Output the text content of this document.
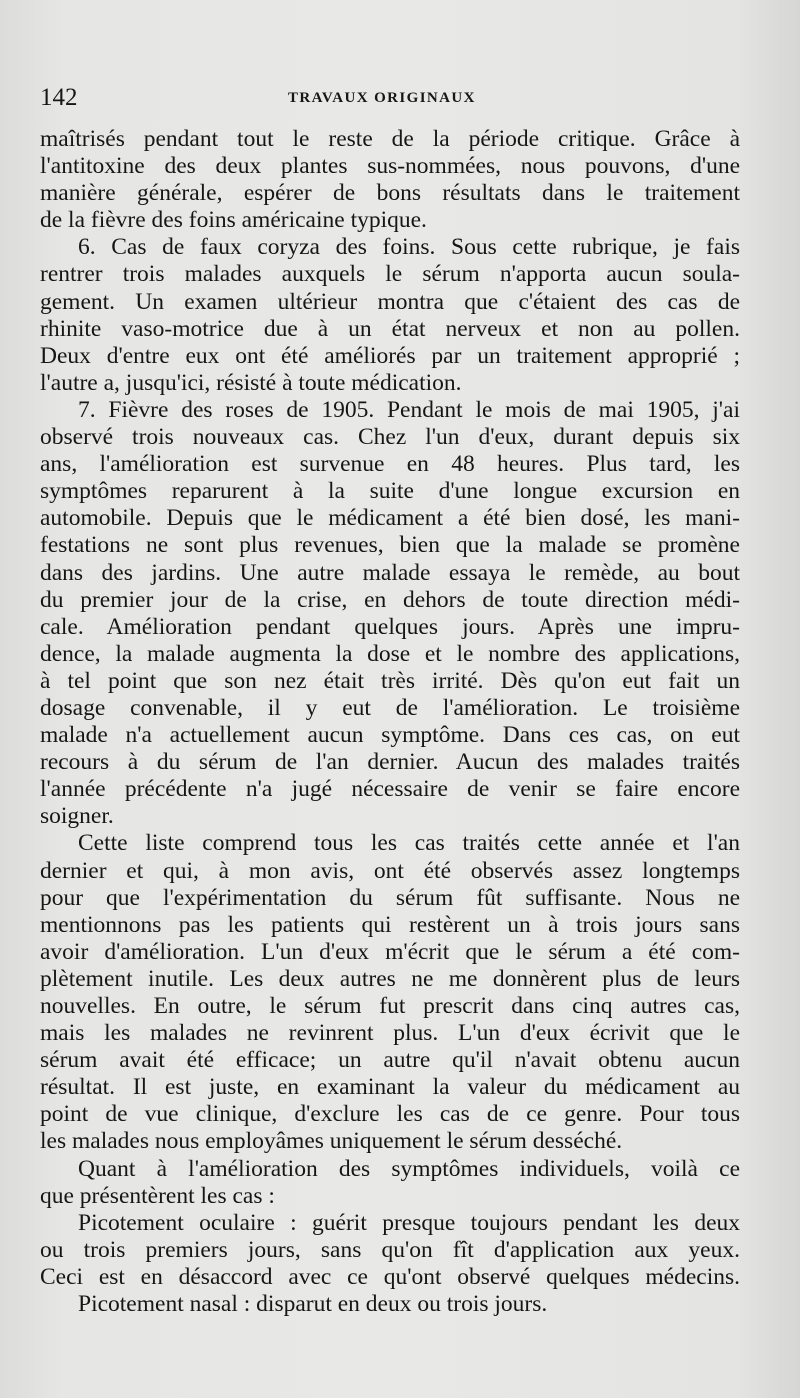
142	TRAVAUX ORIGINAUX
maîtrisés pendant tout le reste de la période critique. Grâce à
l'antitoxine des deux plantes sus-nommées, nous pouvons, d'une
manière générale, espérer de bons résultats dans le traitement
de la fièvre des foins américaine typique.
6. Cas de faux coryza des foins. Sous cette rubrique, je fais
rentrer trois malades auxquels le sérum n'apporta aucun soula-
gement. Un examen ultérieur montra que c'étaient des cas de
rhinite vaso-motrice due à un état nerveux et non au pollen.
Deux d'entre eux ont été améliorés par un traitement approprié ;
l'autre a, jusqu'ici, résisté à toute médication.
7. Fièvre des roses de 1905. Pendant le mois de mai 1905, j'ai
observé trois nouveaux cas. Chez l'un d'eux, durant depuis six
ans, l'amélioration est survenue en 48 heures. Plus tard, les
symptômes reparurent à la suite d'une longue excursion en
automobile. Depuis que le médicament a été bien dosé, les mani-
festations ne sont plus revenues, bien que la malade se promène
dans des jardins. Une autre malade essaya le remède, au bout
du premier jour de la crise, en dehors de toute direction médi-
cale. Amélioration pendant quelques jours. Après une impru-
dence, la malade augmenta la dose et le nombre des applications,
à tel point que son nez était très irrité. Dès qu'on eut fait un
dosage convenable, il y eut de l'amélioration. Le troisième
malade n'a actuellement aucun symptôme. Dans ces cas, on eut
recours à du sérum de l'an dernier. Aucun des malades traités
l'année précédente n'a jugé nécessaire de venir se faire encore
soigner.
Cette liste comprend tous les cas traités cette année et l'an
dernier et qui, à mon avis, ont été observés assez longtemps
pour que l'expérimentation du sérum fût suffisante. Nous ne
mentionnons pas les patients qui restèrent un à trois jours sans
avoir d'amélioration. L'un d'eux m'écrit que le sérum a été com-
plètement inutile. Les deux autres ne me donnèrent plus de leurs
nouvelles. En outre, le sérum fut prescrit dans cinq autres cas,
mais les malades ne revinrent plus. L'un d'eux écrivit que le
sérum avait été efficace; un autre qu'il n'avait obtenu aucun
résultat. Il est juste, en examinant la valeur du médicament au
point de vue clinique, d'exclure les cas de ce genre. Pour tous
les malades nous employâmes uniquement le sérum desséché.
Quant à l'amélioration des symptômes individuels, voilà ce
que présentèrent les cas :
Picotement oculaire : guérit presque toujours pendant les deux
ou trois premiers jours, sans qu'on fît d'application aux yeux.
Ceci est en désaccord avec ce qu'ont observé quelques médecins.
Picotement nasal : disparut en deux ou trois jours.
